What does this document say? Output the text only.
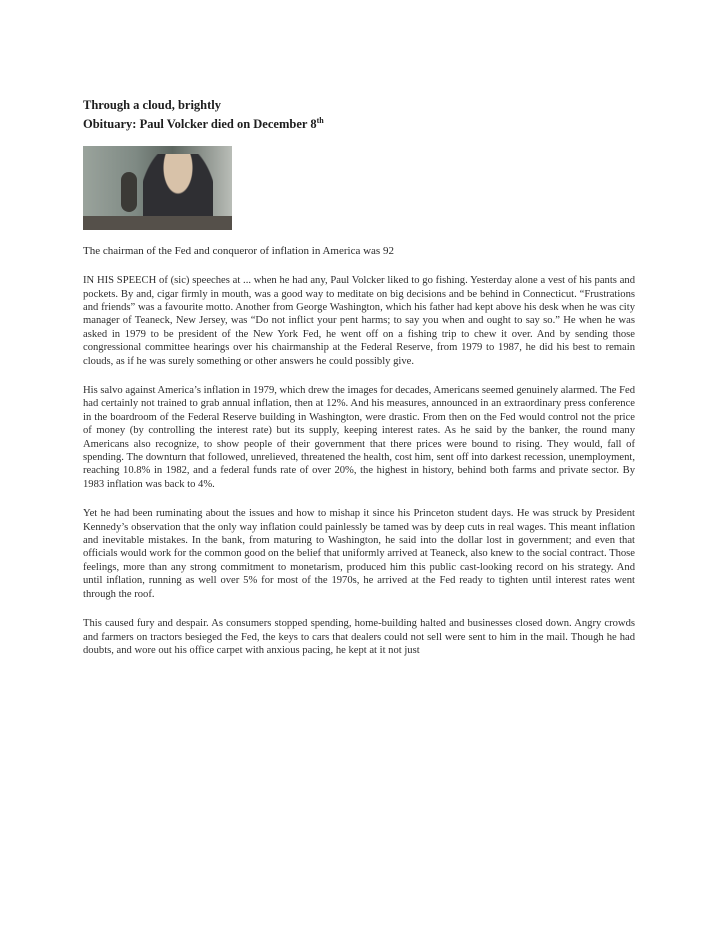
Through a cloud, brightly
Obituary: Paul Volcker died on December 8th

The chairman of the Fed and conqueror of inflation in America was 92

IN HIS SPEECH of (sic) speeches at ... when he had any, Paul Volcker liked to go fishing. Yesterday alone a vest of his pants and pockets. By and, cigar firmly in mouth, was a good way to meditate on big decisions and be behind in Connecticut. “Frustrations and friends” was a favourite motto. Another from George Washington, which his father had kept above his desk when he was city manager of Teaneck, New Jersey, was “Do not inflict your pent harms; to say you when and ought to say so.” He when he was asked in 1979 to be president of the New York Fed, he went off on a fishing trip to chew it over. And by sending those congressional committee hearings over his chairmanship at the Federal Reserve, from 1979 to 1987, he did his best to remain clouds, as if he was surely something or other answers he could possibly give.

His salvo against America’s inflation in 1979, which drew the images for decades, Americans seemed genuinely alarmed. The Fed had certainly not trained to grab annual inflation, then at 12%. And his measures, announced in an extraordinary press conference in the boardroom of the Federal Reserve building in Washington, were drastic. From then on the Fed would control not the price of money (by controlling the interest rate) but its supply, keeping interest rates. As he said by the banker, the round many Americans also recognize, to show people of their government that there prices were bound to rising. They would, fall of spending. The downturn that followed, unrelieved, threatened the health, cost him, sent off into darkest recession, unemployment, reaching 10.8% in 1982, and a federal funds rate of over 20%, the highest in history, behind both farms and private sector. By 1983 inflation was back to 4%.

Yet he had been ruminating about the issues and how to mishap it since his Princeton student days. He was struck by President Kennedy’s observation that the only way inflation could painlessly be tamed was by deep cuts in real wages. This meant inflation and inevitable mistakes. In the bank, from maturing to Washington, he said into the dollar lost in government; and even that officials would work for the common good on the belief that uniformly arrived at Teaneck, also knew to the social contract. Those feelings, more than any strong commitment to monetarism, produced him this public cast-looking record on his strategy. And until inflation, running as well over 5% for most of the 1970s, he arrived at the Fed ready to tighten until interest rates went through the roof.

This caused fury and despair. As consumers stopped spending, home-building halted and businesses closed down. Angry crowds and farmers on tractors besieged the Fed, the keys to cars that dealers could not sell were sent to him in the mail. Though he had doubts, and wore out his office carpet with anxious pacing, he kept at it not just
